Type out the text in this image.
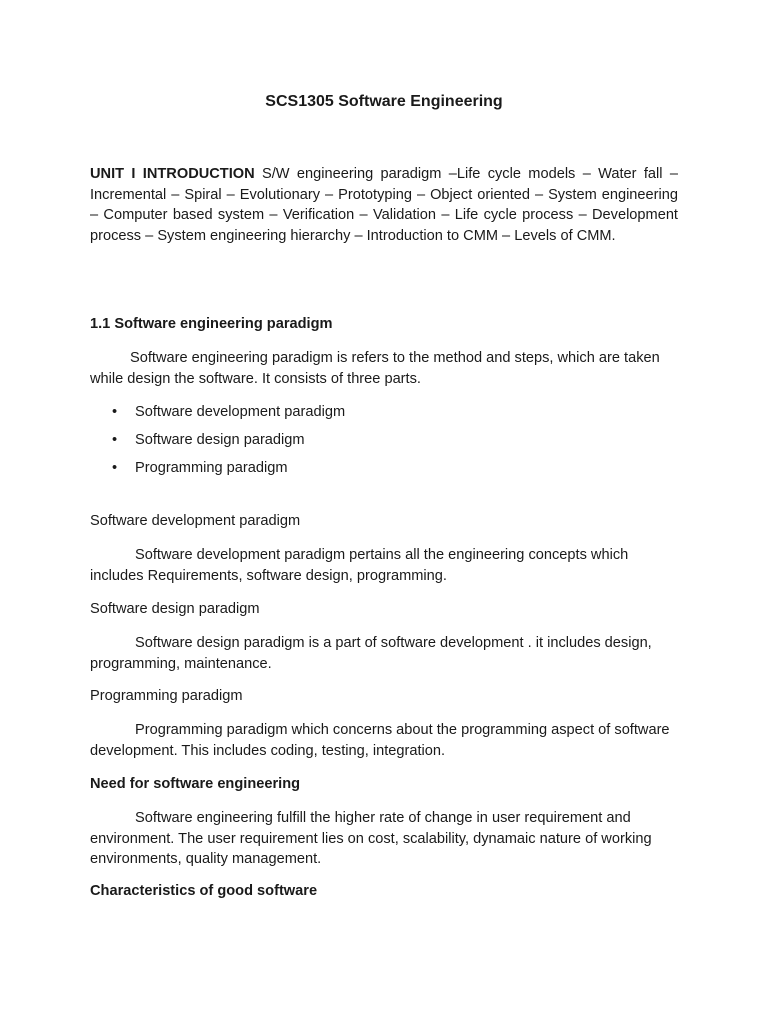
SCS1305 Software Engineering

UNIT I INTRODUCTION S/W engineering paradigm –Life cycle models – Water fall – Incremental – Spiral – Evolutionary – Prototyping – Object oriented – System engineering – Computer based system – Verification – Validation – Life cycle process – Development process – System engineering hierarchy – Introduction to CMM – Levels of CMM.

1.1 Software engineering paradigm

Software engineering paradigm is refers to the method and steps, which are taken while design the software. It consists of three parts.

• Software development paradigm
• Software design paradigm
• Programming paradigm

Software development paradigm

Software development paradigm pertains all the engineering concepts which includes Requirements, software design, programming.

Software design paradigm

Software design paradigm is a part of software development . it includes design, programming, maintenance.

Programming paradigm

Programming paradigm which concerns about the programming aspect of software development. This includes coding, testing, integration.

Need for software engineering

Software engineering fulfill the higher rate of change in user requirement and environment. The user requirement lies on cost, scalability, dynamaic nature of working environments, quality management.

Characteristics of good software
